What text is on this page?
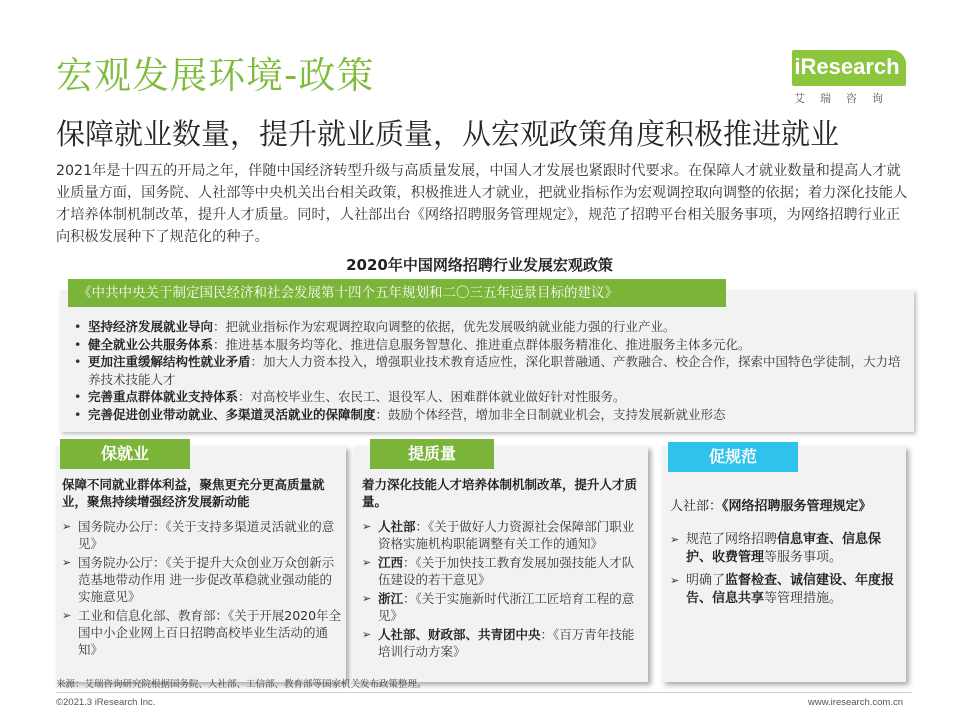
宏观发展环境-政策	iResearch
艾瑞咨询
保障就业数量，提升就业质量，从宏观政策角度积极推进就业
2021年是十四五的开局之年，伴随中国经济转型升级与高质量发展，中国人才发展也紧跟时代要求。在保障人才就业数量和提高人才就业质量方面，国务院、人社部等中央机关出台相关政策，积极推进人才就业，把就业指标作为宏观调控取向调整的依据；着力深化技能人才培养体制机制改革，提升人才质量。同时，人社部出台《网络招聘服务管理规定》，规范了招聘平台相关服务事项，为网络招聘行业正向积极发展种下了规范化的种子。
2020年中国网络招聘行业发展宏观政策
《中共中央关于制定国民经济和社会发展第十四个五年规划和二〇三五年远景目标的建议》
• 坚持经济发展就业导向：把就业指标作为宏观调控取向调整的依据，优先发展吸纳就业能力强的行业产业。
• 健全就业公共服务体系：推进基本服务均等化、推进信息服务智慧化、推进重点群体服务精准化、推进服务主体多元化。
• 更加注重缓解结构性就业矛盾：加大人力资本投入，增强职业技术教育适应性，深化职普融通、产教融合、校企合作，探索中国特色学徒制，大力培养技术技能人才
• 完善重点群体就业支持体系：对高校毕业生、农民工、退役军人、困难群体就业做好针对性服务。
• 完善促进创业带动就业、多渠道灵活就业的保障制度：鼓励个体经营，增加非全日制就业机会，支持发展新就业形态
保就业
保障不同就业群体利益，聚焦更充分更高质量就业，聚焦持续增强经济发展新动能
➢ 国务院办公厅：《关于支持多渠道灵活就业的意见》
➢ 国务院办公厅：《关于提升大众创业万众创新示范基地带动作用 进一步促改革稳就业强动能的实施意见》
➢ 工业和信息化部、教育部：《关于开展2020年全国中小企业网上百日招聘高校毕业生活动的通知》
提质量
着力深化技能人才培养体制机制改革，提升人才质量。
➢ 人社部：《关于做好人力资源社会保障部门职业资格实施机构职能调整有关工作的通知》
➢ 江西：《关于加快技工教育发展加强技能人才队伍建设的若干意见》
➢ 浙江：《关于实施新时代浙江工匠培育工程的意见》
➢ 人社部、财政部、共青团中央：《百万青年技能培训行动方案》
促规范
人社部：《网络招聘服务管理规定》
➢ 规范了网络招聘信息审查、信息保护、收费管理等服务事项。
➢ 明确了监督检查、诚信建设、年度报告、信息共享等管理措施。
来源：艾瑞咨询研究院根据国务院、人社部、工信部、教育部等国家机关发布政策整理。
©2021.3 iResearch Inc.	www.iresearch.com.cn
